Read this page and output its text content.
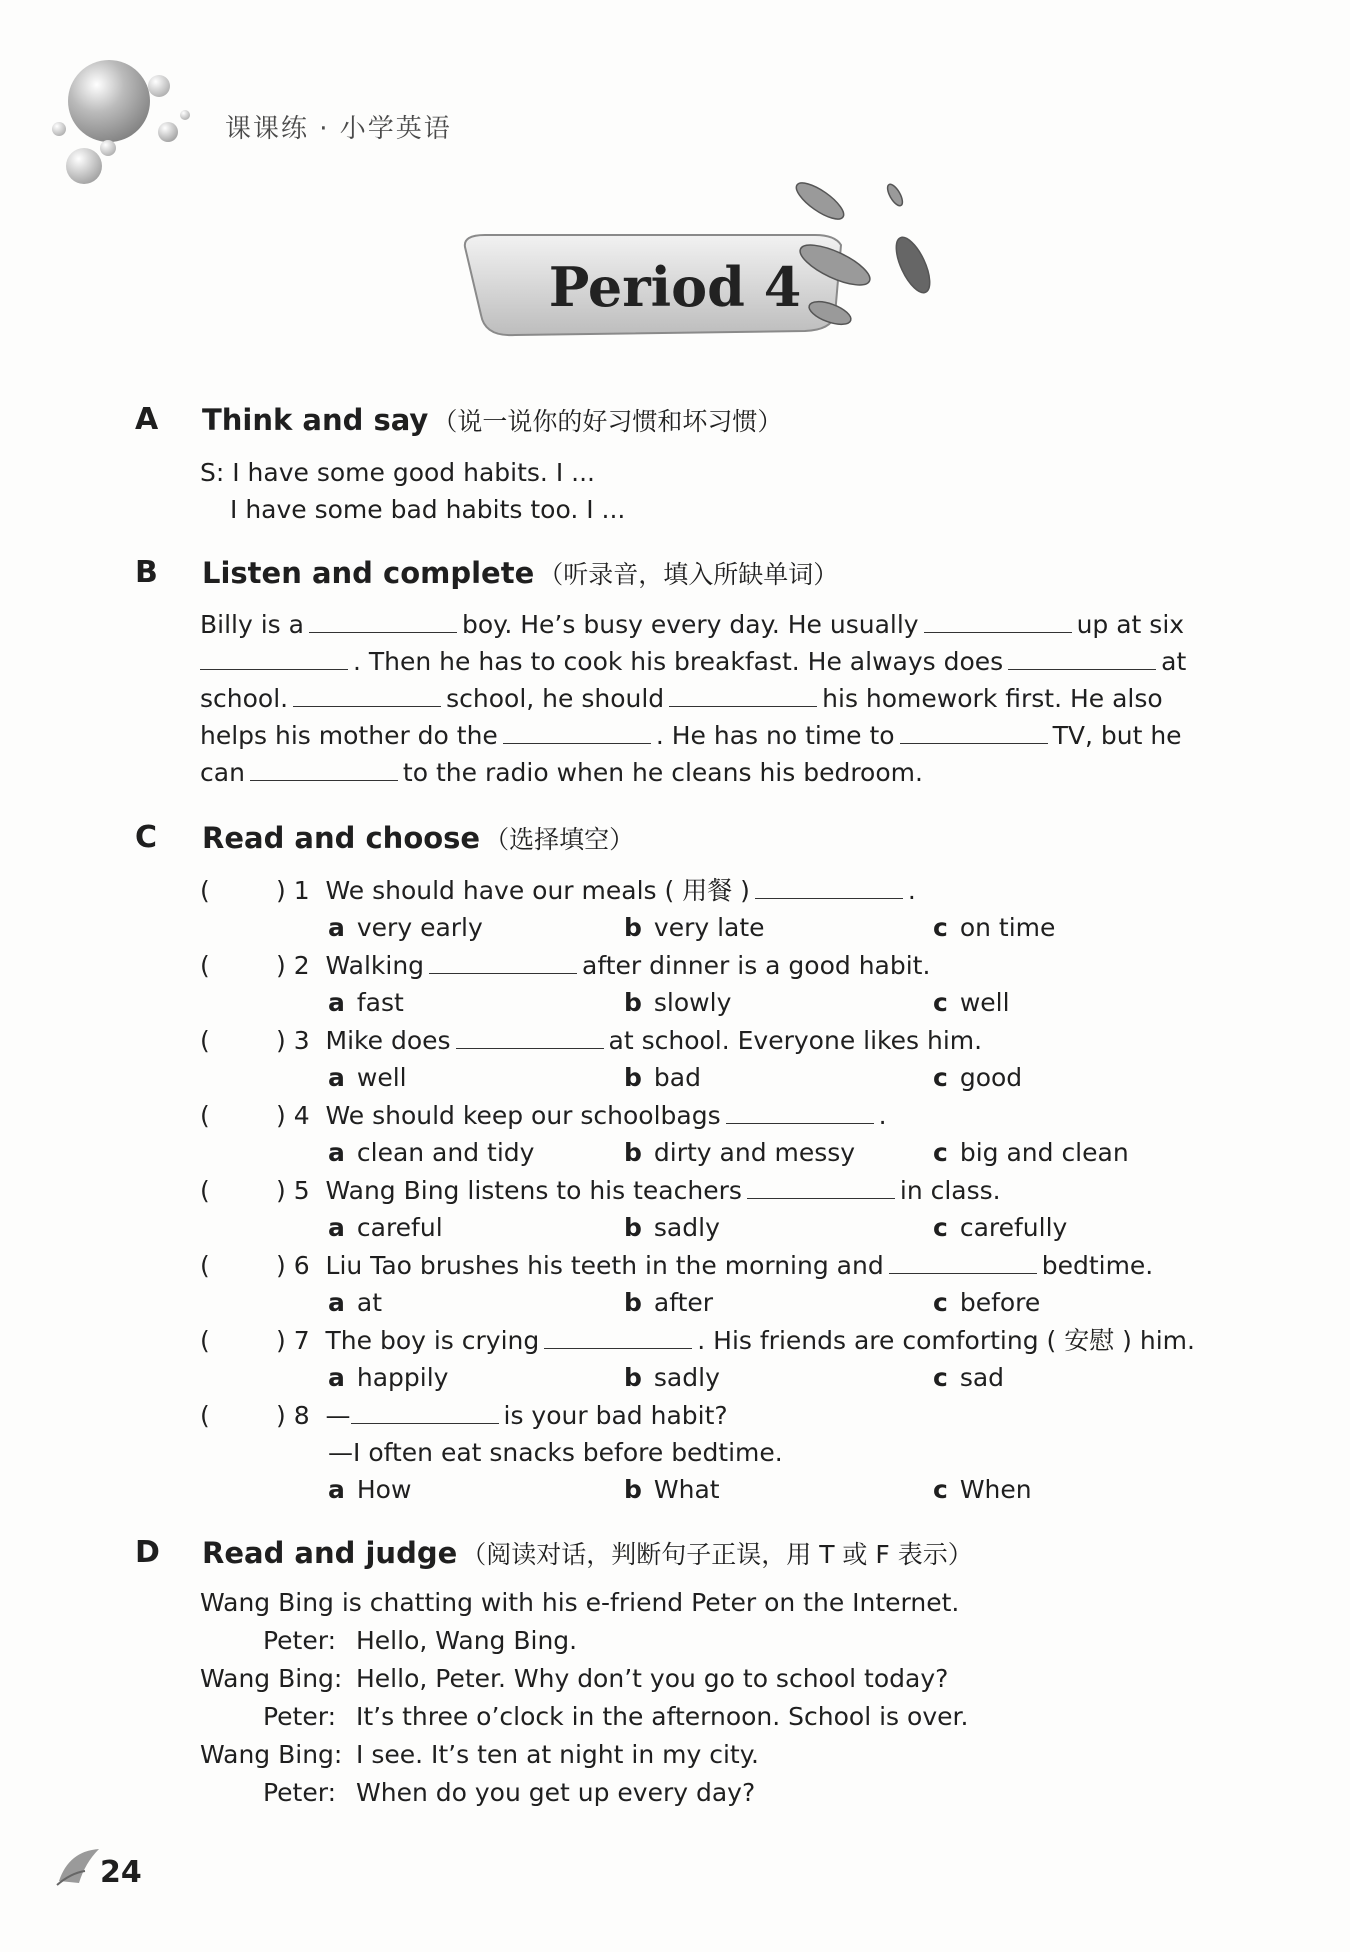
课课练 · 小学英语
Period 4
A Think and say （说一说你的好习惯和坏习惯）
S: I have some good habits. I ...
I have some bad habits too. I ...
B Listen and complete （听录音，填入所缺单词）
Billy is a	boy. He’s busy every day. He usually	up at six
. Then he has to cook his breakfast. He always does	at
school.	school, he should	his homework first. He also
helps his mother do the	. He has no time to	TV, but he
can	to the radio when he cleans his bedroom.
C Read and choose （选择填空）
(	) 1 We should have our meals ( 用餐 )	.
a very early	b very late	c on time
(	) 2 Walking	after dinner is a good habit.
a fast	b slowly	c well
(	) 3 Mike does	at school. Everyone likes him.
a well	b bad	c good
(	) 4 We should keep our schoolbags	.
a clean and tidy	b dirty and messy	c big and clean
(	) 5 Wang Bing listens to his teachers	in class.
a careful	b sadly	c carefully
(	) 6 Liu Tao brushes his teeth in the morning and	bedtime.
a at	b after	c before
(	) 7 The boy is crying	. His friends are comforting ( 安慰 ) him.
a happily	b sadly	c sad
(	) 8 —	is your bad habit?
—I often eat snacks before bedtime.
a How	b What	c When
D Read and judge （阅读对话，判断句子正误，用 T 或 F 表示）
Wang Bing is chatting with his e-friend Peter on the Internet.
Peter: Hello, Wang Bing.
Wang Bing: Hello, Peter. Why don’t you go to school today?
Peter: It’s three o’clock in the afternoon. School is over.
Wang Bing: I see. It’s ten at night in my city.
Peter: When do you get up every day?
24
